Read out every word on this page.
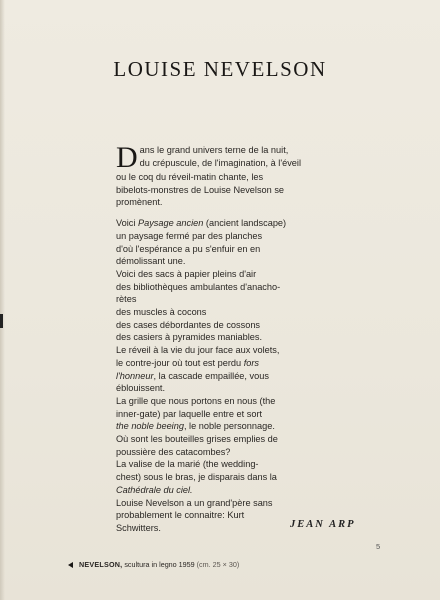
LOUISE NEVELSON
D ans le grand univers terne de la nuit,
du crépuscule, de l'imagination, à l'éveil
ou le coq du réveil-matin chante, les
bibelots-monstres de Louise Nevelson se
promènent.
Voici Paysage ancien (ancient landscape)
un paysage fermé par des planches
d'où l'espérance a pu s'enfuir en en
démolissant une.
Voici des sacs à papier pleins d'air
des bibliothèques ambulantes d'anacho-
rètes
des muscles à cocons
des cases débordantes de cossons
des casiers à pyramides maniables.
Le réveil à la vie du jour face aux volets,
le contre-jour où tout est perdu fors
l'honneur, la cascade empaillée, vous
éblouissent.
La grille que nous portons en nous (the
inner-gate) par laquelle entre et sort
the noble beeing, le noble personnage.
Où sont les bouteilles grises emplies de
poussière des catacombes?
La valise de la marié (the wedding-
chest) sous le bras, je disparais dans la
Cathédrale du ciel.
Louise Nevelson a un grand'père sans
probablement le connaitre: Kurt
Schwitters.	JEAN ARP
5
NEVELSON, scultura in legno 1959 (cm. 25 × 30)
